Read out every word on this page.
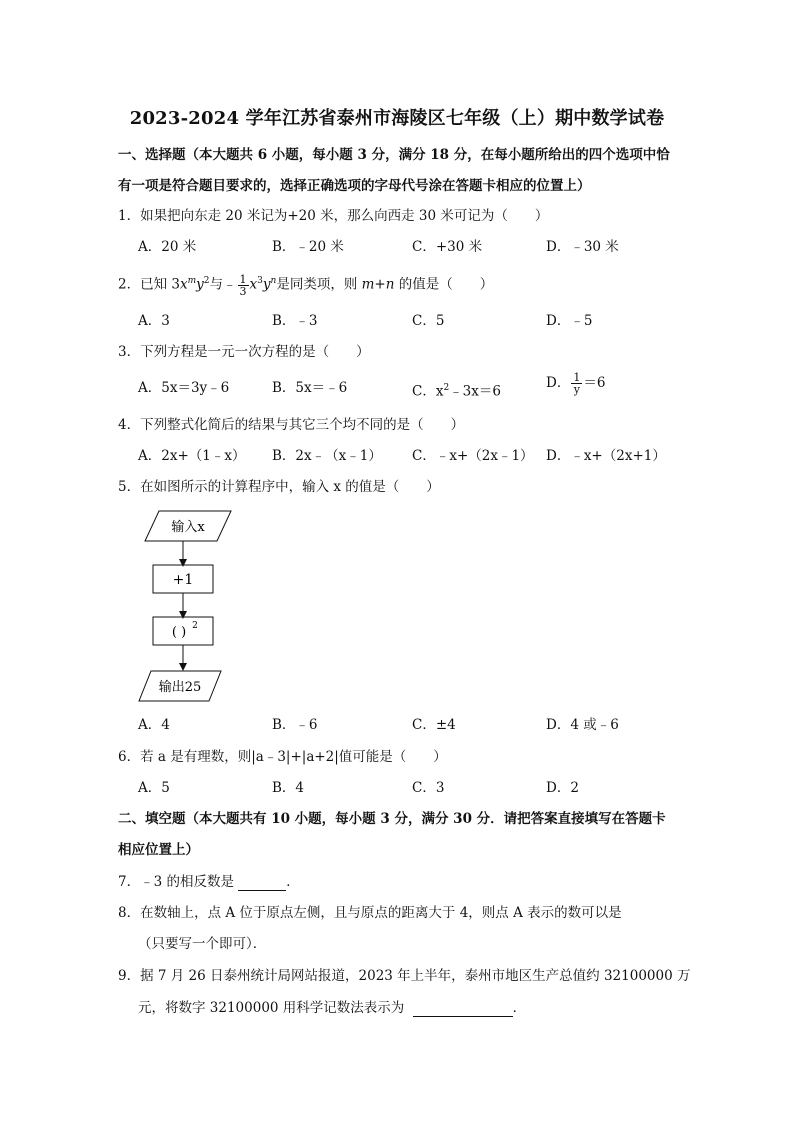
2023-2024 学年江苏省泰州市海陵区七年级（上）期中数学试卷
一、选择题（本大题共 6 小题，每小题 3 分，满分 18 分，在每小题所给出的四个选项中恰
有一项是符合题目要求的，选择正确选项的字母代号涂在答题卡相应的位置上）
1．如果把向东走 20 米记为+20 米，那么向西走 30 米可记为（　　）
A．20 米	B．﹣20 米	C．+30 米	D．﹣30 米
2．已知 $3x^my^2$与﹣ $\frac{1}{3} x^3y^n$是同类项，则 m+n 的值是（　　）
A．3	B．﹣3	C．5	D．﹣5
3．下列方程是一元一次方程的是（　　）
A．5x＝3y﹣6	B．5x＝﹣6	C．$x^2﹣3x=6$
D． $\frac{1}{y} =6$
4．下列整式化简后的结果与其它三个均不同的是（　　）
A．2x+（1﹣x） B．2x﹣（x﹣1） C．﹣x+（2x﹣1） D．﹣x+（2x+1）
5．在如图所示的计算程序中，输入 x 的值是（　　）
输入x
+1
( ) 2
输出25
A．4	B．﹣6	C．±4	D．4 或﹣6
6．若 a 是有理数，则|a﹣3|+|a+2|值可能是（　　）
A．5	B．4	C．3	D．2
二、填空题（本大题共有 10 小题，每小题 3 分，满分 30 分．请把答案直接填写在答题卡
相应位置上）
7．﹣3 的相反数是	．
8．在数轴上，点 A 位于原点左侧，且与原点的距离大于 4，则点 A 表示的数可以是
（只要写一个即可）．
9．据 7 月 26 日泰州统计局网站报道，2023 年上半年，泰州市地区生产总值约 32100000 万
元，将数字 32100000 用科学记数法表示为	．
